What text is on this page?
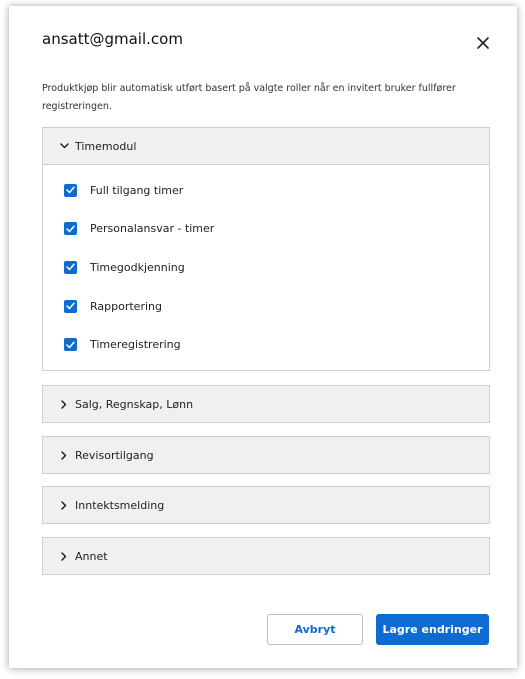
ansatt@gmail.com
Produktkjøp blir automatisk utført basert på valgte roller når en invitert bruker fullfører registreringen.
Timemodul
Full tilgang timer
Personalansvar - timer
Timegodkjenning
Rapportering
Timeregistrering
Salg, Regnskap, Lønn
Revisortilgang
Inntektsmelding
Annet
Avbryt	Lagre endringer
